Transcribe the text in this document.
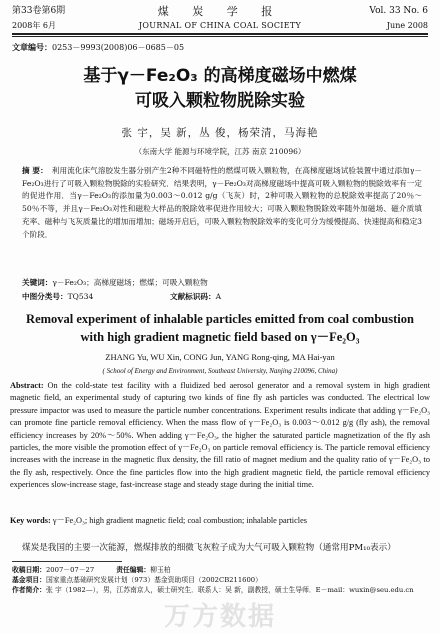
第33卷第6期	煤 炭 学 报	Vol. 33 No. 6
2008年 6月	JOURNAL OF CHINA COAL SOCIETY	June 2008
文章编号：0253－9993(2008)06－0685－05
基于γ－Fe₂O₃ 的高梯度磁场中燃煤
可吸入颗粒物脱除实验
张 宇，吴 新，丛 俊，杨荣清，马海艳
（东南大学 能源与环境学院，江苏 南京 210096）
摘 要： 利用流化床气溶胶发生器分别产生2种不同磁特性的燃煤可吸入颗粒物，在高梯度磁场试验装置中通过添加γ－Fe₂O₃进行了可吸入颗粒物脱除的实验研究．结果表明，γ－Fe₂O₃对高梯度磁场中提高可吸入颗粒物的脱除效率有一定的促进作用．当γ－Fe₂O₃的添加量为0.003～0.012 g/g（飞灰）时，2种可吸入颗粒物的总脱除效率提高了20％～50％不等，并且γ－Fe₂O₃对性和磁粒大样品的脱除效率促进作用较大；可吸入颗粒物脱除效率随外加磁场、磁介质填充率、磁种与飞灰质量比的增加而增加；磁场开启后，可吸入颗粒物脱除效率的变化可分为缓慢提高、快速提高和稳定3个阶段．
关键词：γ－Fe₂O₃；高梯度磁场；燃煤；可吸入颗粒物
中图分类号：TQ534	文献标识码：A
Removal experiment of inhalable particles emitted from coal combustion
with high gradient magnetic field based on γ－Fe₂O₃
ZHANG Yu, WU Xin, CONG Jun, YANG Rong-qing, MA Hai-yan
( School of Energy and Environment, Southeast University, Nanjing 210096, China)
Abstract: On the cold-state test facility with a fluidized bed aerosol generator and a removal system in high gradient magnetic field, an experimental study of capturing two kinds of fine fly ash particles was conducted. The electrical low pressure impactor was used to measure the particle number concentrations. Experiment results indicate that adding γ－Fe₂O₃ can promote fine particle removal efficiency. When the mass flow of γ－Fe₂O₃ is 0.003～0.012 g/g (fly ash), the removal efficiency increases by 20%～50%. When adding γ－Fe₂O₃, the higher the saturated particle magnetization of the fly ash particles, the more visible the promotion effect of γ－Fe₂O₃ on particle removal efficiency is. The particle removal efficiency increases with the increase in the magnetic flux density, the fill ratio of magnet medium and the quality ratio of γ－Fe₂O₃ to the fly ash, respectively. Once the fine particles flow into the high gradient magnetic field, the particle removal efficiency experiences slow-increase stage, fast-increase stage and steady stage during the initial time.
Key words: γ－Fe₂O₃; high gradient magnetic field; coal combustion; inhalable particles
煤炭是我国的主要一次能源，燃煤排放的细微飞灰粒子成为大气可吸入颗粒物（通常用PM₁₀表示）
收稿日期：2007－07－27	责任编辑：柳玉柏
基金项目：国家重点基础研究发展计划（973）基金资助项目（2002CB211600）
作者简介：张 宇（1982—），男，江苏南京人，硕士研究生．联系人：吴 新，副教授，硕士生导师．E－mail：wuxin@seu.edu.cn
万方数据
